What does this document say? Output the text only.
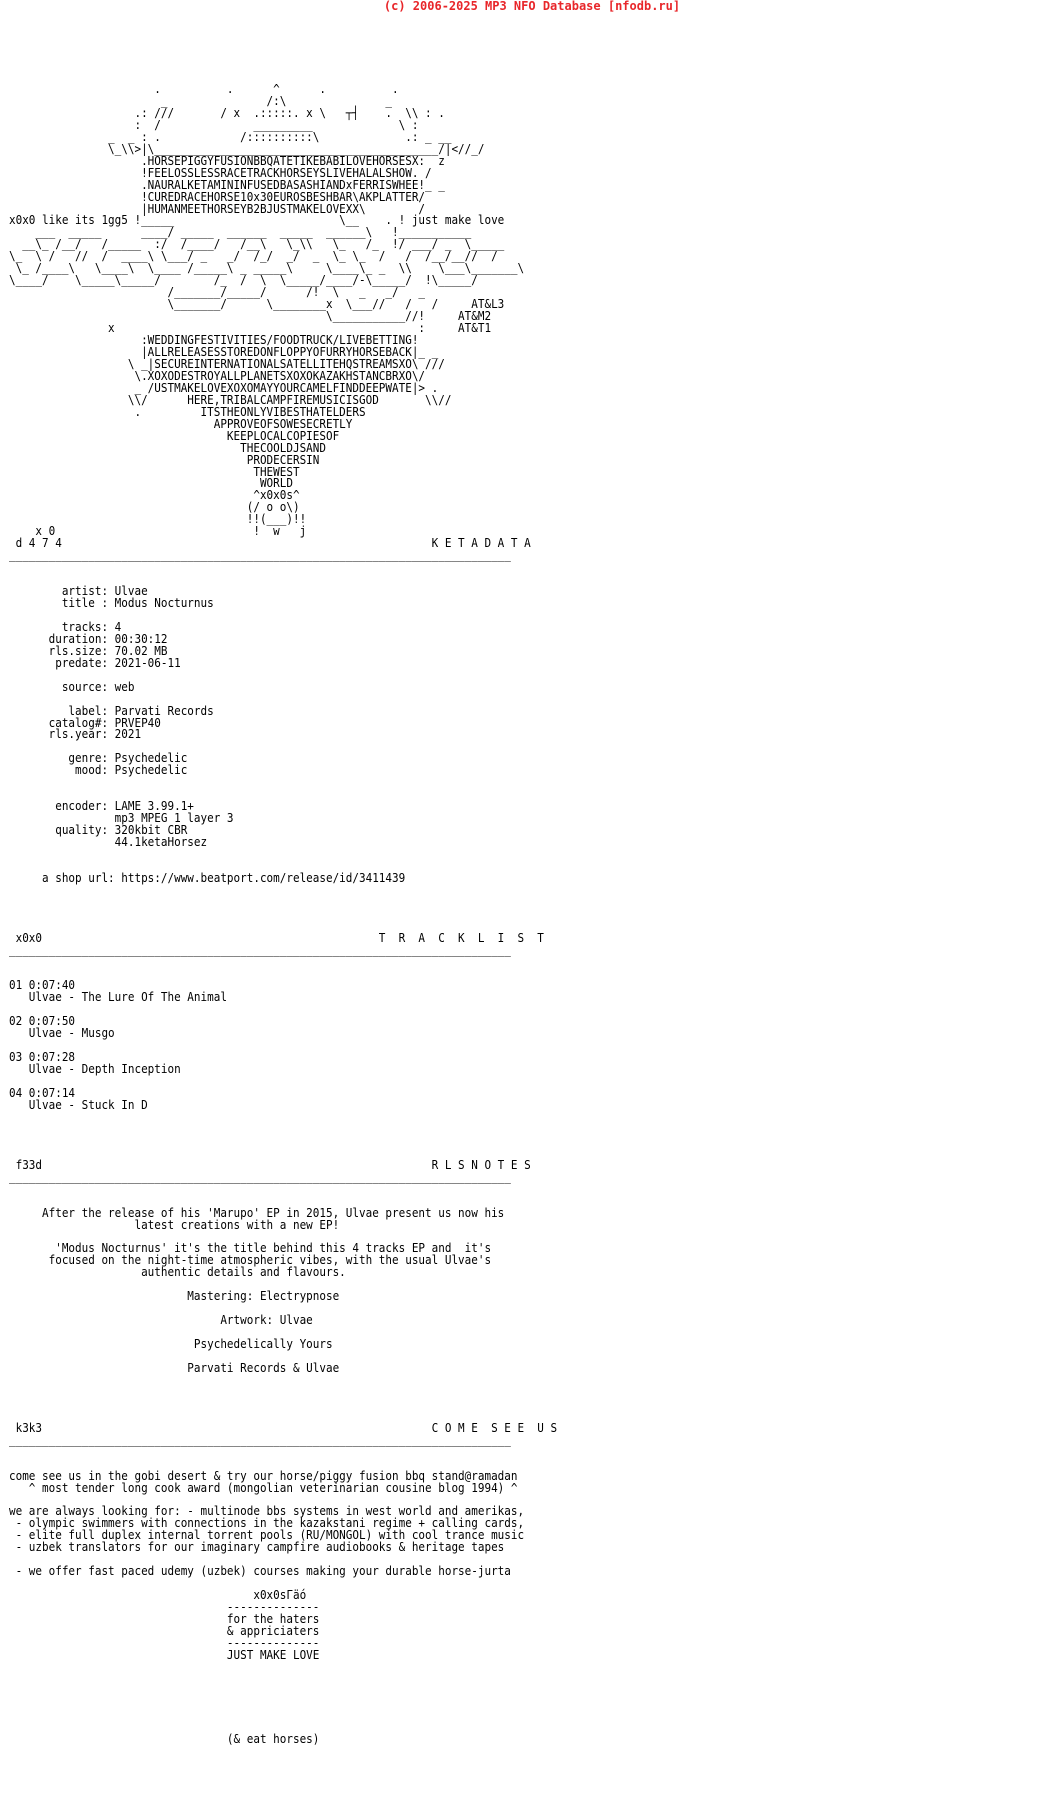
(c) 2006-2025 MP3 NFO Database [nfodb.ru]
.          .      ^      .          .
_               /:\               _
.: ///       / x  .:::::. x \   ┬┤    .  \\ : .
:  /              _________             \ :
_  _ : .            /::::::::::\             .: _ __
\_\\>|\___________________________________________/|<//_/
.HORSEPIGGYFUSIONBBQATETIKEBABILOVEHORSESX:  z
!FEELOSSLESSRACETRACKHORSEYSLIVEHALALSHOW. /
.NAURALKETAMININFUSEDBASASHIANDxFERRISWHEE!_ _
!CUREDRACEHORSE10x30EUROSBESHBAR\AKPLATTER/
|HUMANMEETHORSEYB2BJUSTMAKELOVEXX\        /
x0x0 like its 1gg5 !_____                         \__    . ! just make love
___  _____      ____/ _____  ______  _____  ______\   !___________
__\_ /__/   /_____  :/  /____/   /__\   \_\\   \_   /_  !/ ___/ _  \_____
\_  \ /   //  /  ____\ \___/ _   _/  /_/  _/  _  \_ \_  /   /  /__/__//  /
\_ /____\   \____\  \____ /_____\ _ _____\     \____\_ _  \\    \___\_______\
\____/    \_____\_____/        /_  /  \  \_____/____/-\_____/  !\_____/
/_______/_____/      /!  \   _   _/   _
\_______/      \________x  \___//   /   /     AT&L3
\___________//!     AT&M2
x                                              :     AT&T1
:WEDDINGFESTIVITIES/FOODTRUCK/LIVEBETTING!
|ALLRELEASESSTOREDONFLOPPYOFURRYHORSEBACK|_ _
\ _|SECUREINTERNATIONALSATELLITEHQSTREAMSXO\ ///
\.XOXODESTROYALLPLANETSXOXOKAZAKHSTANCBRXO\/
_ /USTMAKELOVEXOXOMAYYOURCAMELFINDDEEPWATE|> .
\\/      HERE,TRIBALCAMPFIREMUSICISGOD       \\//
.         ITSTHEONLYVIBESTHATELDERS
APPROVEOFSOWESECRETLY
KEEPLOCALCOPIESOF
THECOOLDJSAND
PRODECERSIN
THEWEST
WORLD
^x0x0s^
(/ o o\)
!!(___)!!
x 0                              !  w   j
d 4 7 4                                                        K E T A D A T A
____________________________________________________________________________

artist: Ulvae
title : Modus Nocturnus

tracks: 4
duration: 00:30:12
rls.size: 70.02 MB
predate: 2021-06-11

source: web

label: Parvati Records
catalog#: PRVEP40
rls.year: 2021

genre: Psychedelic
mood: Psychedelic

encoder: LAME 3.99.1+
mp3 MPEG 1 layer 3
quality: 320kbit CBR
44.1ketaHorsez

a shop url: https://www.beatport.com/release/id/3411439

x0x0                                                   T  R  A  C  K  L  I  S  T
____________________________________________________________________________

01 0:07:40
Ulvae - The Lure Of The Animal

02 0:07:50
Ulvae - Musgo

03 0:07:28
Ulvae - Depth Inception

04 0:07:14
Ulvae - Stuck In D

f33d                                                           R L S N O T E S
____________________________________________________________________________

After the release of his 'Marupo' EP in 2015, Ulvae present us now his
latest creations with a new EP!

'Modus Nocturnus' it's the title behind this 4 tracks EP and  it's
focused on the night-time atmospheric vibes, with the usual Ulvae's
authentic details and flavours.

Mastering: Electrypnose

Artwork: Ulvae

Psychedelically Yours

Parvati Records & Ulvae

k3k3                                                           C O M E  S E E  U S
____________________________________________________________________________

come see us in the gobi desert & try our horse/piggy fusion bbq stand@ramadan
^ most tender long cook award (mongolian veterinarian cousine blog 1994) ^

we are always looking for: - multinode bbs systems in west world and amerikas,
- olympic swimmers with connections in the kazakstani regime + calling cards,
- elite full duplex internal torrent pools (RU/MONGOL) with cool trance music
- uzbek translators for our imaginary campfire audiobooks & heritage tapes

- we offer fast paced udemy (uzbek) courses making your durable horse-jurta

x0x0sΓäó
--------------
for the haters
& appriciaters
--------------
JUST MAKE LOVE

(& eat horses)
